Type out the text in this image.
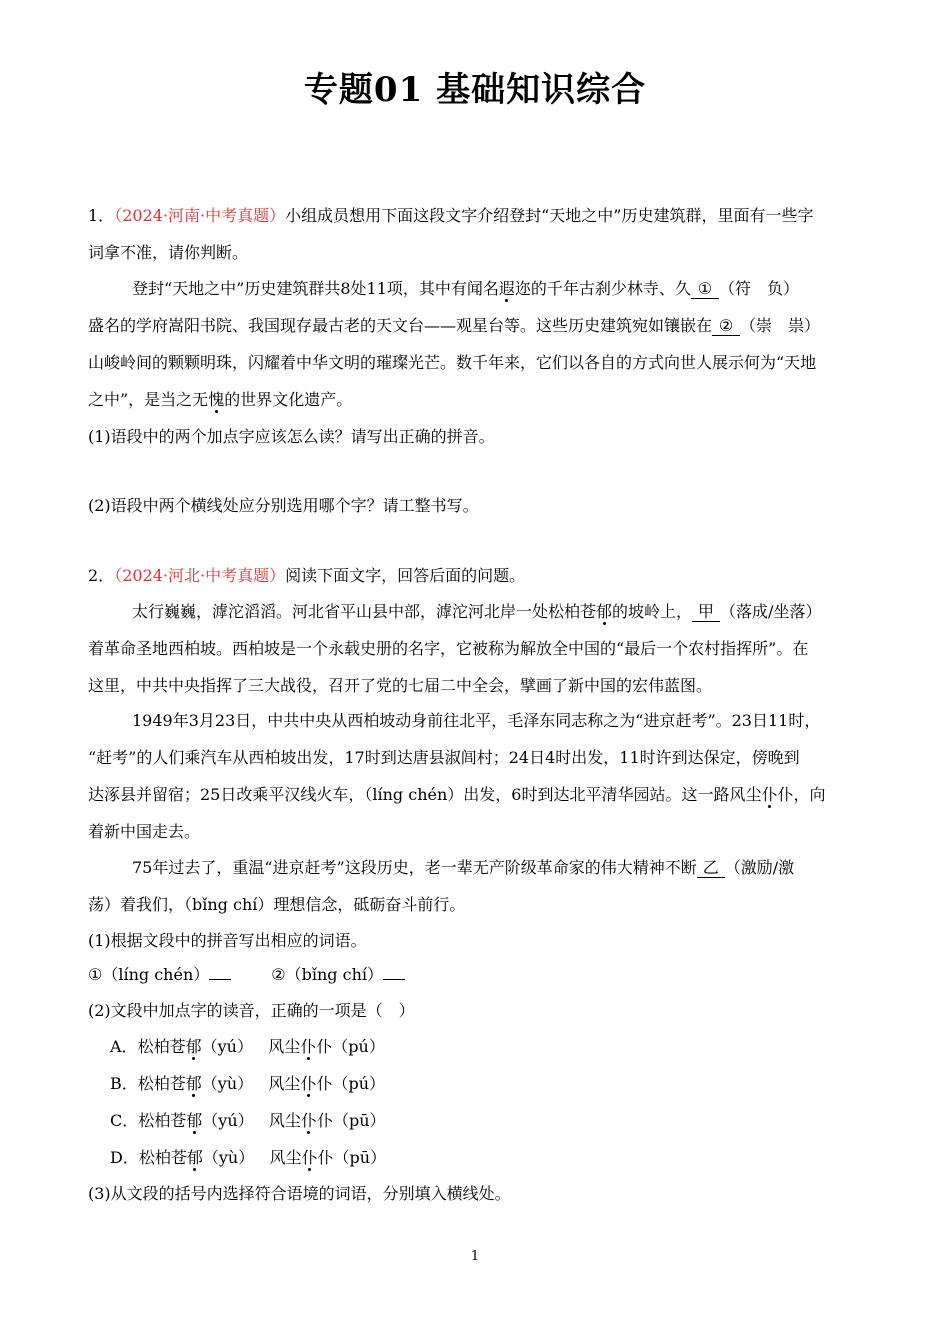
专题01 基础知识综合
1．（2024·河南·中考真题）小组成员想用下面这段文字介绍登封“天地之中”历史建筑群，里面有一些字
词拿不准，请你判断。
登封“天地之中”历史建筑群共8处11项，其中有闻名遐迩的千年古刹少林寺、久 ① （符　负）
盛名的学府嵩阳书院、我国现存最古老的天文台——观星台等。这些历史建筑宛如镶嵌在 ② （崇　祟）
山峻岭间的颗颗明珠，闪耀着中华文明的璀璨光芒。数千年来，它们以各自的方式向世人展示何为“天地
之中”，是当之无愧的世界文化遗产。
(1)语段中的两个加点字应该怎么读？请写出正确的拼音。
(2)语段中两个横线处应分别选用哪个字？请工整书写。
2．（2024·河北·中考真题）阅读下面文字，回答后面的问题。
太行巍巍，滹沱滔滔。河北省平山县中部，滹沱河北岸一处松柏苍郁的坡岭上， 甲 （落成/坐落）
着革命圣地西柏坡。西柏坡是一个永载史册的名字，它被称为解放全中国的“最后一个农村指挥所”。在
这里，中共中央指挥了三大战役，召开了党的七届二中全会，擘画了新中国的宏伟蓝图。
1949年3月23日，中共中央从西柏坡动身前往北平，毛泽东同志称之为“进京赶考”。23日11时，
“赶考”的人们乘汽车从西柏坡出发，17时到达唐县淑闾村；24日4时出发，11时许到达保定，傍晚到
达涿县并留宿；25日改乘平汉线火车，（líng chén）出发，6时到达北平清华园站。这一路风尘仆仆，向
着新中国走去。
75年过去了，重温“进京赶考”这段历史，老一辈无产阶级革命家的伟大精神不断 乙 （激励/激
荡）着我们，（bǐng chí）理想信念，砥砺奋斗前行。
(1)根据文段中的拼音写出相应的词语。
①（líng chén）	②（bǐng chí）
(2)文段中加点字的读音，正确的一项是（　）
A．松柏苍郁（yú） 风尘仆仆（pú）
B．松柏苍郁（yù） 风尘仆仆（pú）
C．松柏苍郁（yú） 风尘仆仆（pū）
D．松柏苍郁（yù） 风尘仆仆（pū）
(3)从文段的括号内选择符合语境的词语，分别填入横线处。
1
